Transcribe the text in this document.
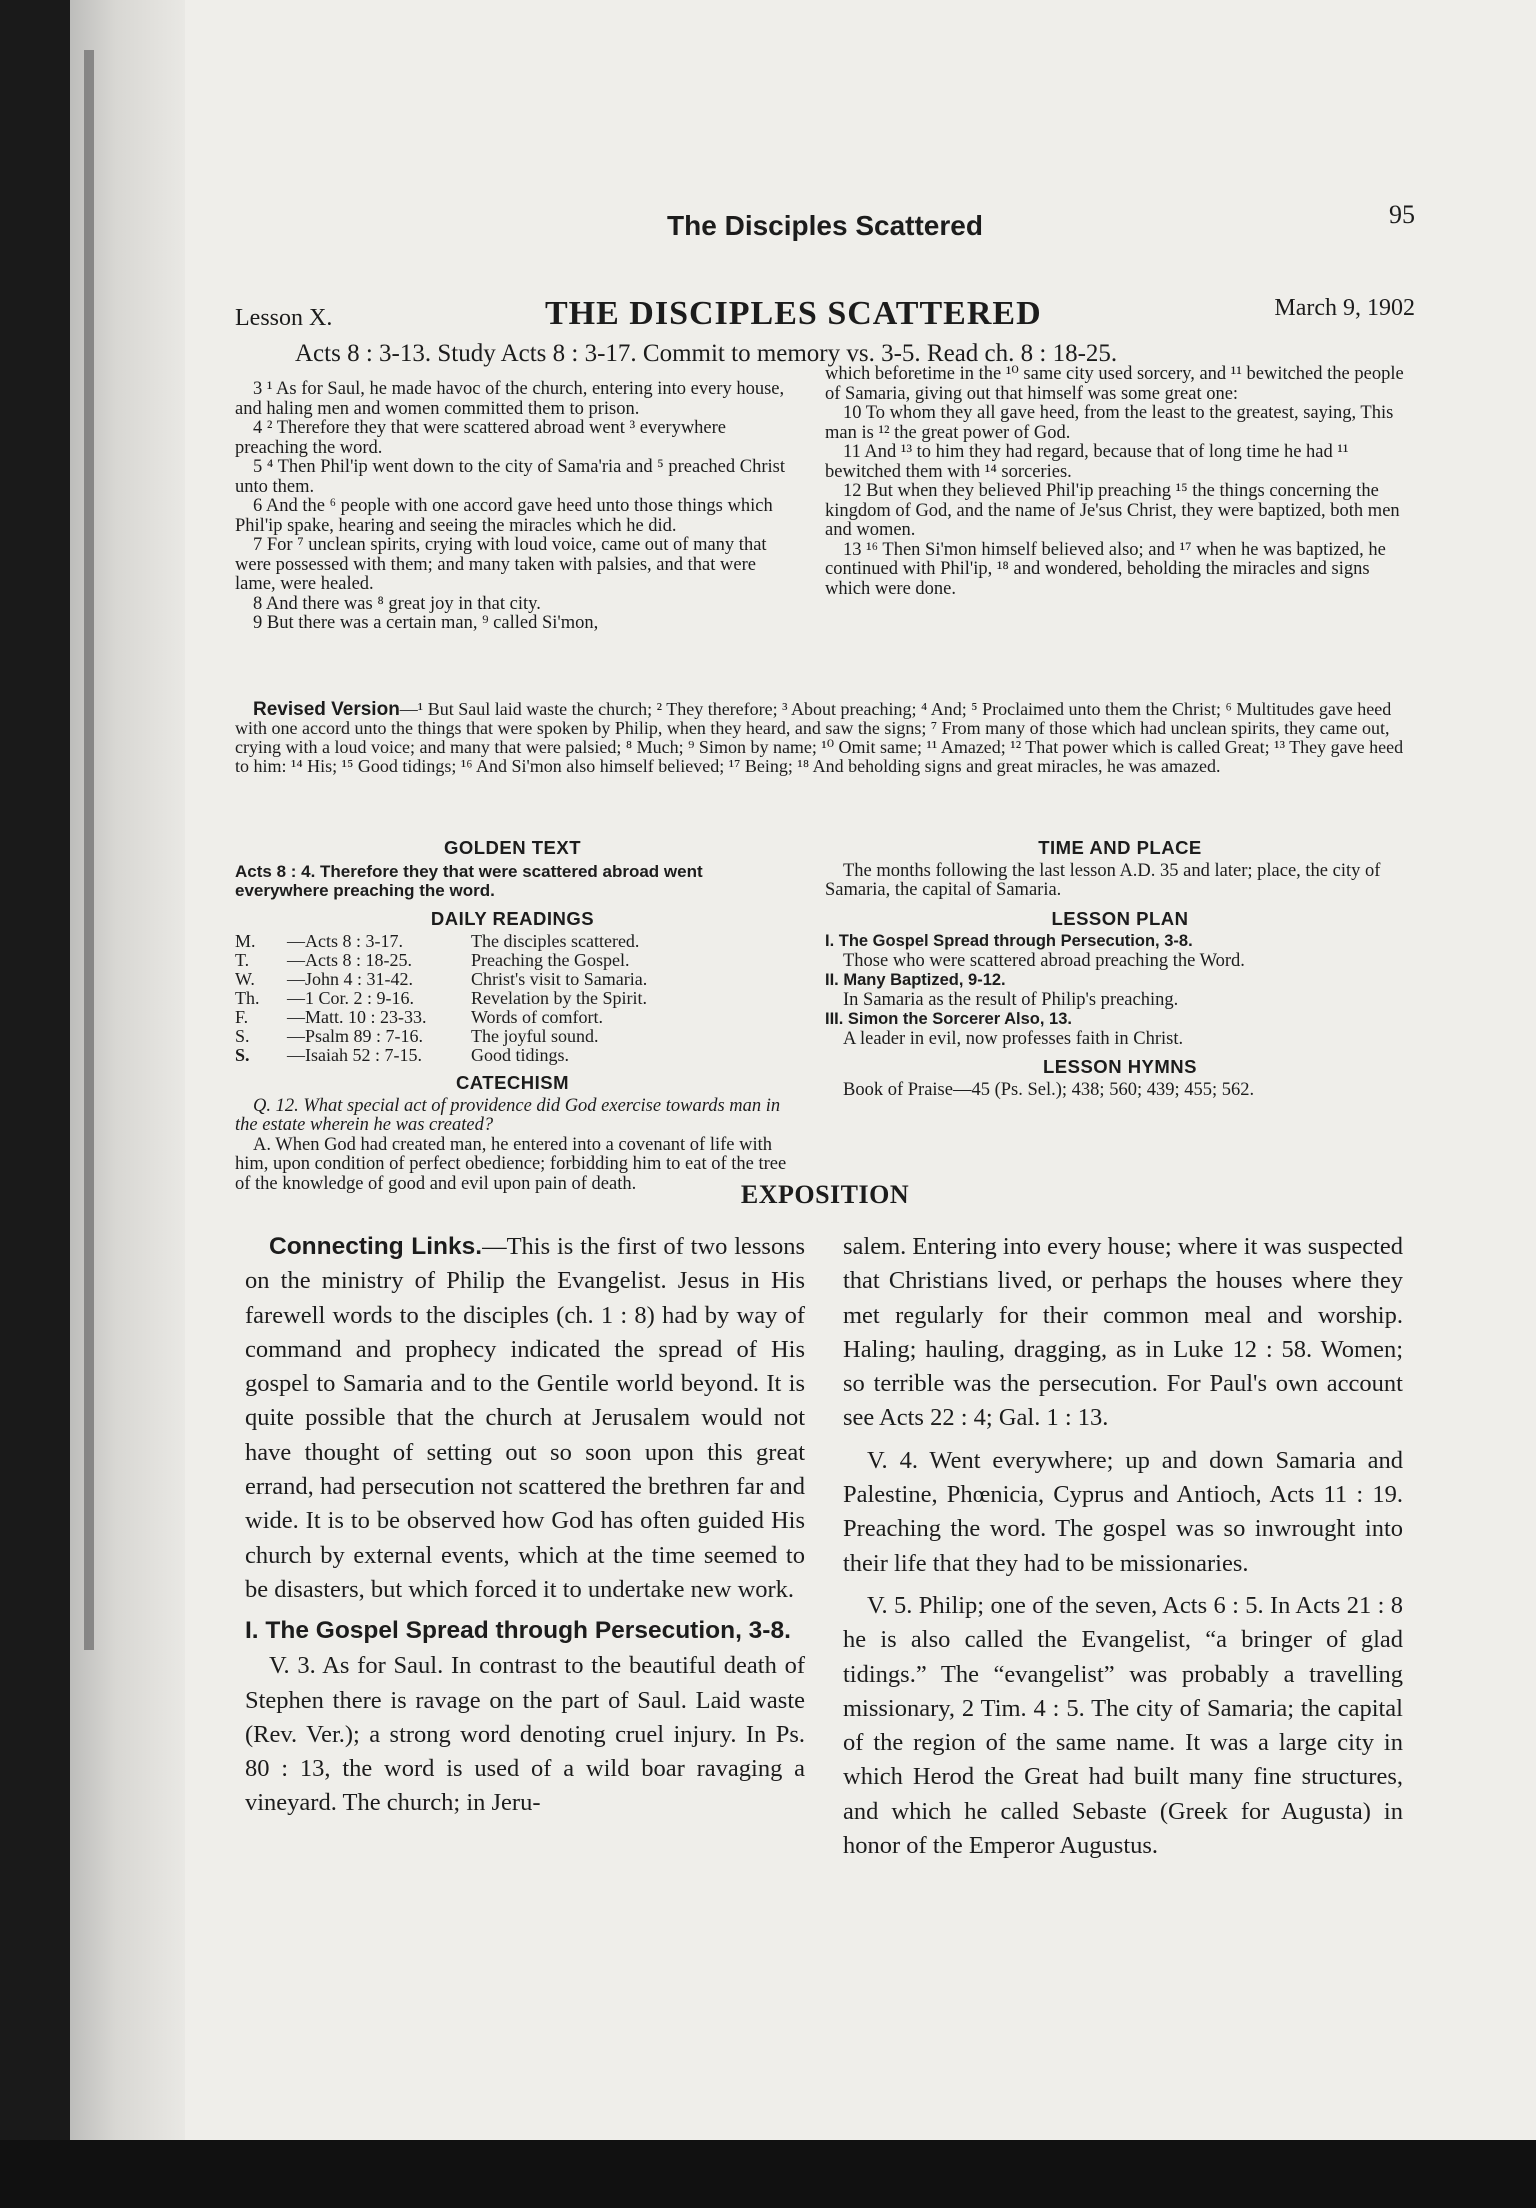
The Disciples Scattered	95
Lesson X.	THE DISCIPLES SCATTERED	March 9, 1902
Acts 8 : 3-13. Study Acts 8 : 3-17. Commit to memory vs. 3-5. Read ch. 8 : 18-25.

3 ¹ As for Saul, he made havoc of the church, entering into every house, and haling men and women committed them to prison.

4 ² Therefore they that were scattered abroad went ³ everywhere preaching the word.

5 ⁴ Then Phil'ip went down to the city of Sama'ria and ⁵ preached Christ unto them.

6 And the ⁶ people with one accord gave heed unto those things which Phil'ip spake, hearing and seeing the miracles which he did.

7 For ⁷ unclean spirits, crying with loud voice, came out of many that were possessed with them; and many taken with palsies, and that were lame, were healed.

8 And there was ⁸ great joy in that city.

9 But there was a certain man, ⁹ called Si'mon,

which beforetime in the ¹⁰ same city used sorcery, and ¹¹ bewitched the people of Samaria, giving out that himself was some great one:

10 To whom they all gave heed, from the least to the greatest, saying, This man is ¹² the great power of God.

11 And ¹³ to him they had regard, because that of long time he had ¹¹ bewitched them with ¹⁴ sorceries.

12 But when they believed Phil'ip preaching ¹⁵ the things concerning the kingdom of God, and the name of Je'sus Christ, they were baptized, both men and women.

13 ¹⁶ Then Si'mon himself believed also; and ¹⁷ when he was baptized, he continued with Phil'ip, ¹⁸ and wondered, beholding the miracles and signs which were done.

Revised Version—¹ But Saul laid waste the church; ² They therefore; ³ About preaching; ⁴ And; ⁵ Proclaimed unto them the Christ; ⁶ Multitudes gave heed with one accord unto the things that were spoken by Philip, when they heard, and saw the signs; ⁷ From many of those which had unclean spirits, they came out, crying with a loud voice; and many that were palsied; ⁸ Much; ⁹ Simon by name; ¹⁰ Omit same; ¹¹ Amazed; ¹² That power which is called Great; ¹³ They gave heed to him: ¹⁴ His; ¹⁵ Good tidings; ¹⁶ And Si'mon also himself believed; ¹⁷ Being; ¹⁸ And beholding signs and great miracles, he was amazed.
GOLDEN TEXT

Acts 8 : 4. Therefore they that were scattered abroad went everywhere preaching the word.

DAILY READINGS
M.	—Acts 8 : 3-17.	The disciples scattered.
T.	—Acts 8 : 18-25.	Preaching the Gospel.
W.	—John 4 : 31-42.	Christ's visit to Samaria.
Th.	—1 Cor. 2 : 9-16.	Revelation by the Spirit.
F.	—Matt. 10 : 23-33.	Words of comfort.
S.	—Psalm 89 : 7-16.	The joyful sound.
S.	—Isaiah 52 : 7-15.	Good tidings.
CATECHISM

Q. 12. What special act of providence did God exercise towards man in the estate wherein he was created?

A. When God had created man, he entered into a covenant of life with him, upon condition of perfect obedience; forbidding him to eat of the tree of the knowledge of good and evil upon pain of death.

TIME AND PLACE

The months following the last lesson A.D. 35 and later; place, the city of Samaria, the capital of Samaria.

LESSON PLAN

I. The Gospel Spread through Persecution, 3-8.

Those who were scattered abroad preaching the Word.

II. Many Baptized, 9-12.

In Samaria as the result of Philip's preaching.

III. Simon the Sorcerer Also, 13.

A leader in evil, now professes faith in Christ.

LESSON HYMNS

Book of Praise—45 (Ps. Sel.); 438; 560; 439; 455; 562.

EXPOSITION

Connecting Links.—This is the first of two lessons on the ministry of Philip the Evangelist. Jesus in His farewell words to the disciples (ch. 1 : 8) had by way of command and prophecy indicated the spread of His gospel to Samaria and to the Gentile world beyond. It is quite possible that the church at Jerusalem would not have thought of setting out so soon upon this great errand, had persecution not scattered the brethren far and wide. It is to be observed how God has often guided His church by external events, which at the time seemed to be disasters, but which forced it to undertake new work.

I. The Gospel Spread through Persecution, 3-8.

V. 3. As for Saul. In contrast to the beautiful death of Stephen there is ravage on the part of Saul. Laid waste (Rev. Ver.); a strong word denoting cruel injury. In Ps. 80 : 13, the word is used of a wild boar ravaging a vineyard. The church; in Jeru-

salem. Entering into every house; where it was suspected that Christians lived, or perhaps the houses where they met regularly for their common meal and worship. Haling; hauling, dragging, as in Luke 12 : 58. Women; so terrible was the persecution. For Paul's own account see Acts 22 : 4; Gal. 1 : 13.

V. 4. Went everywhere; up and down Samaria and Palestine, Phœnicia, Cyprus and Antioch, Acts 11 : 19. Preaching the word. The gospel was so inwrought into their life that they had to be missionaries.

V. 5. Philip; one of the seven, Acts 6 : 5. In Acts 21 : 8 he is also called the Evangelist, “a bringer of glad tidings.” The “evangelist” was probably a travelling missionary, 2 Tim. 4 : 5. The city of Samaria; the capital of the region of the same name. It was a large city in which Herod the Great had built many fine structures, and which he called Sebaste (Greek for Augusta) in honor of the Emperor Augustus.
